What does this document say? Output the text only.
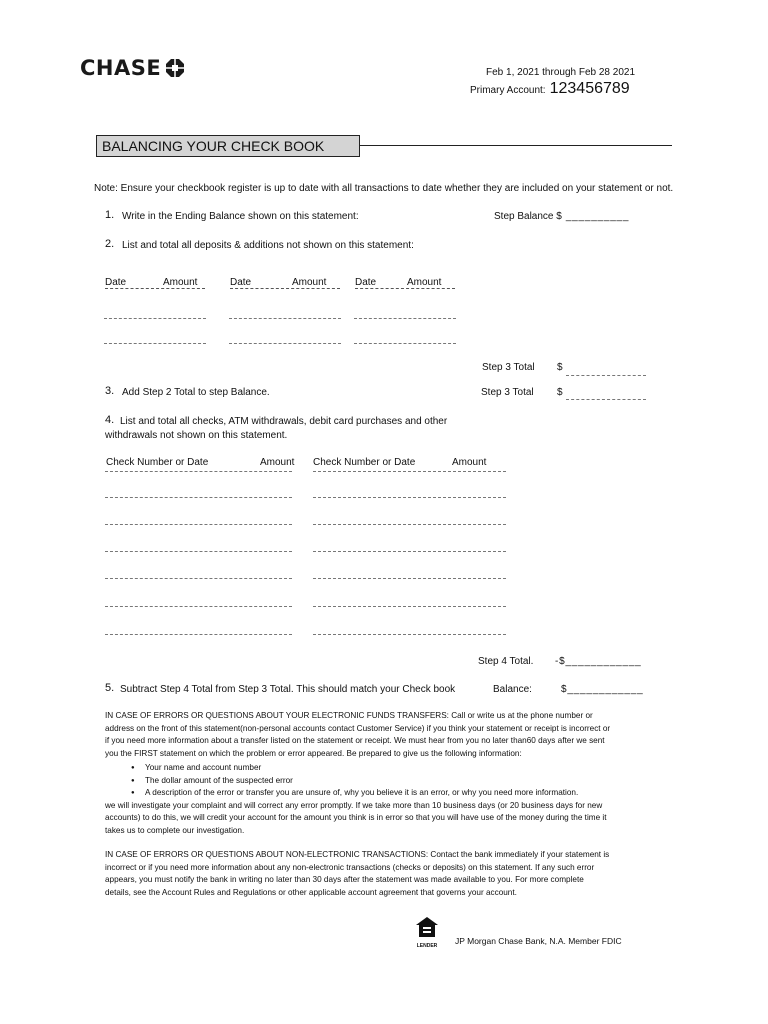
CHASE	Feb 1, 2021 through Feb 28 2021
Primary Account: 123456789
BALANCING YOUR CHECK BOOK
Note: Ensure your checkbook register is up to date with all transactions to date whether they are included on your statement or not.
1. Write in the Ending Balance shown on this statement:	Step Balance $ _ _ _ _ _ _ _ _ _ _
2. List and total all deposits & additions not shown on this statement:
Date	Amount	Date	Amount	Date	Amount
Step 3 Total $
3. Add Step 2 Total to step Balance.	Step 3 Total $
4. List and total all checks, ATM withdrawals, debit card purchases and other
withdrawals not shown on this statement.
Check Number or Date	Amount Check Number or Date	Amount
Step 4 Total. - $ _ _ _ _ _ _ _ _ _ _ _ _
5. Subtract Step 4 Total from Step 3 Total. This should match your Check book	Balance:	$ _ _ _ _ _ _ _ _ _ _ _ _
IN CASE OF ERRORS OR QUESTIONS ABOUT YOUR ELECTRONIC FUNDS TRANSFERS: Call or write us at the phone number or
address on the front of this statement(non-personal accounts contact Customer Service) if you think your statement or receipt is incorrect or
if you need more information about a transfer listed on the statement or receipt. We must hear from you no later than60 days after we sent
you the FIRST statement on which the problem or error appeared. Be prepared to give us the following information:
● Your name and account number
● The dollar amount of the suspected error
● A description of the error or transfer you are unsure of, why you believe it is an error, or why you need more information.
we will investigate your complaint and will correct any error promptly. If we take more than 10 business days (or 20 business days for new
accounts) to do this, we will credit your account for the amount you think is in error so that you will have use of the money during the time it
takes us to complete our investigation.
IN CASE OF ERRORS OR QUESTIONS ABOUT NON-ELECTRONIC TRANSACTIONS: Contact the bank immediately if your statement is
incorrect or if you need more information about any non-electronic transactions (checks or deposits) on this statement. If any such error
appears, you must notify the bank in writing no later than 30 days after the statement was made available to you. For more complete
details, see the Account Rules and Regulations or other applicable account agreement that governs your account.
LENDER	JP Morgan Chase Bank, N.A. Member FDIC
